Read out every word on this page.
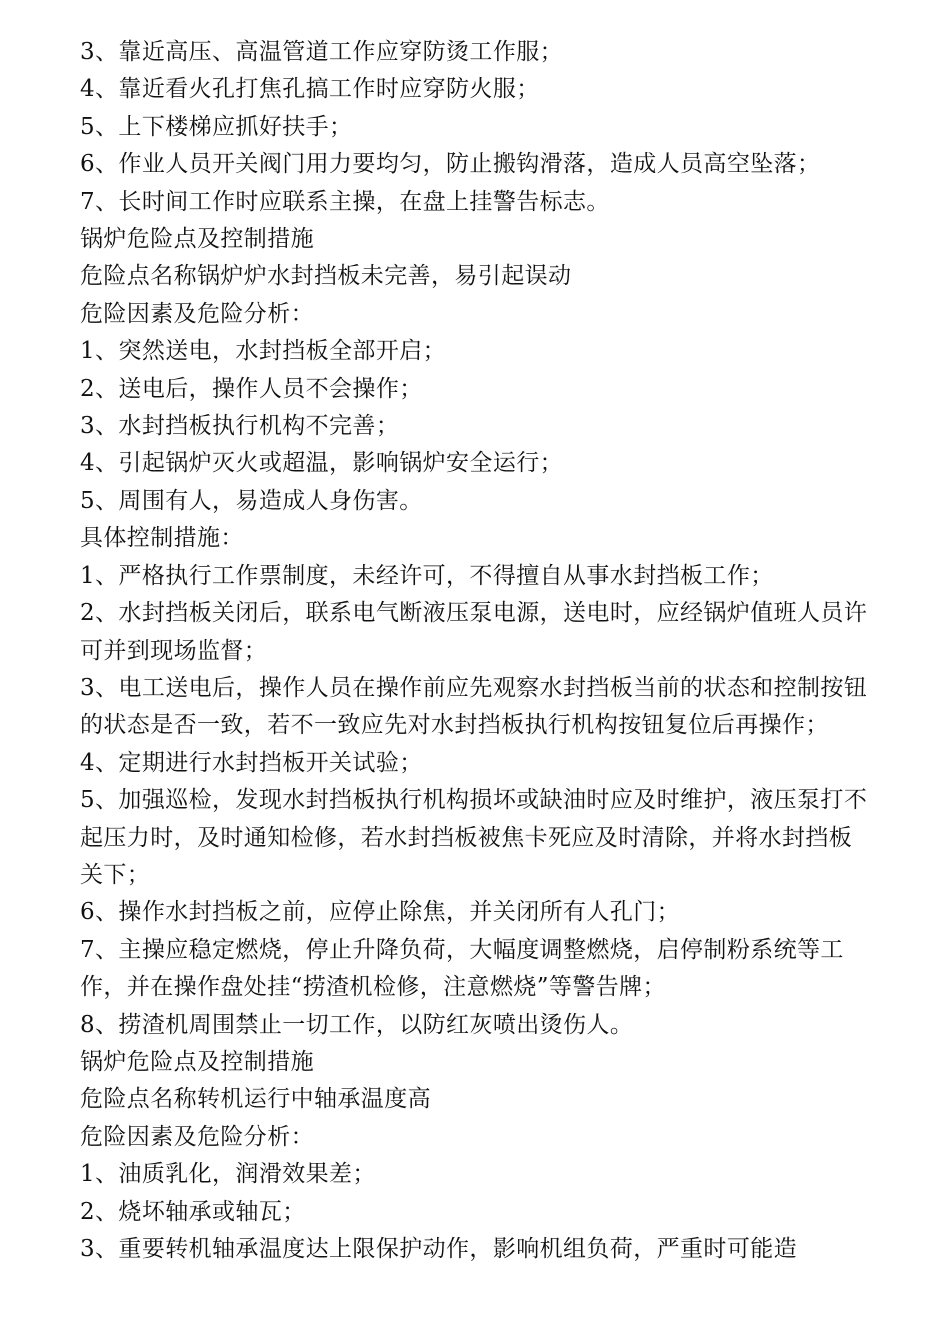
3、靠近高压、高温管道工作应穿防烫工作服；

4、靠近看火孔打焦孔搞工作时应穿防火服；

5、上下楼梯应抓好扶手；

6、作业人员开关阀门用力要均匀，防止搬钩滑落，造成人员高空坠落；

7、长时间工作时应联系主操，在盘上挂警告标志。

锅炉危险点及控制措施

危险点名称锅炉炉水封挡板未完善，易引起误动

危险因素及危险分析：

1、突然送电，水封挡板全部开启；

2、送电后，操作人员不会操作；

3、水封挡板执行机构不完善；

4、引起锅炉灭火或超温，影响锅炉安全运行；

5、周围有人，易造成人身伤害。

具体控制措施：

1、严格执行工作票制度，未经许可，不得擅自从事水封挡板工作；

2、水封挡板关闭后，联系电气断液压泵电源，送电时，应经锅炉值班人员许可并到现场监督；

3、电工送电后，操作人员在操作前应先观察水封挡板当前的状态和控制按钮的状态是否一致，若不一致应先对水封挡板执行机构按钮复位后再操作；

4、定期进行水封挡板开关试验；

5、加强巡检，发现水封挡板执行机构损坏或缺油时应及时维护，液压泵打不起压力时，及时通知检修，若水封挡板被焦卡死应及时清除，并将水封挡板关下；

6、操作水封挡板之前，应停止除焦，并关闭所有人孔门；

7、主操应稳定燃烧，停止升降负荷，大幅度调整燃烧，启停制粉系统等工作，并在操作盘处挂“捞渣机检修，注意燃烧”等警告牌；

8、捞渣机周围禁止一切工作，以防红灰喷出烫伤人。

锅炉危险点及控制措施

危险点名称转机运行中轴承温度高

危险因素及危险分析：

1、油质乳化，润滑效果差；

2、烧坏轴承或轴瓦；

3、重要转机轴承温度达上限保护动作，影响机组负荷，严重时可能造
